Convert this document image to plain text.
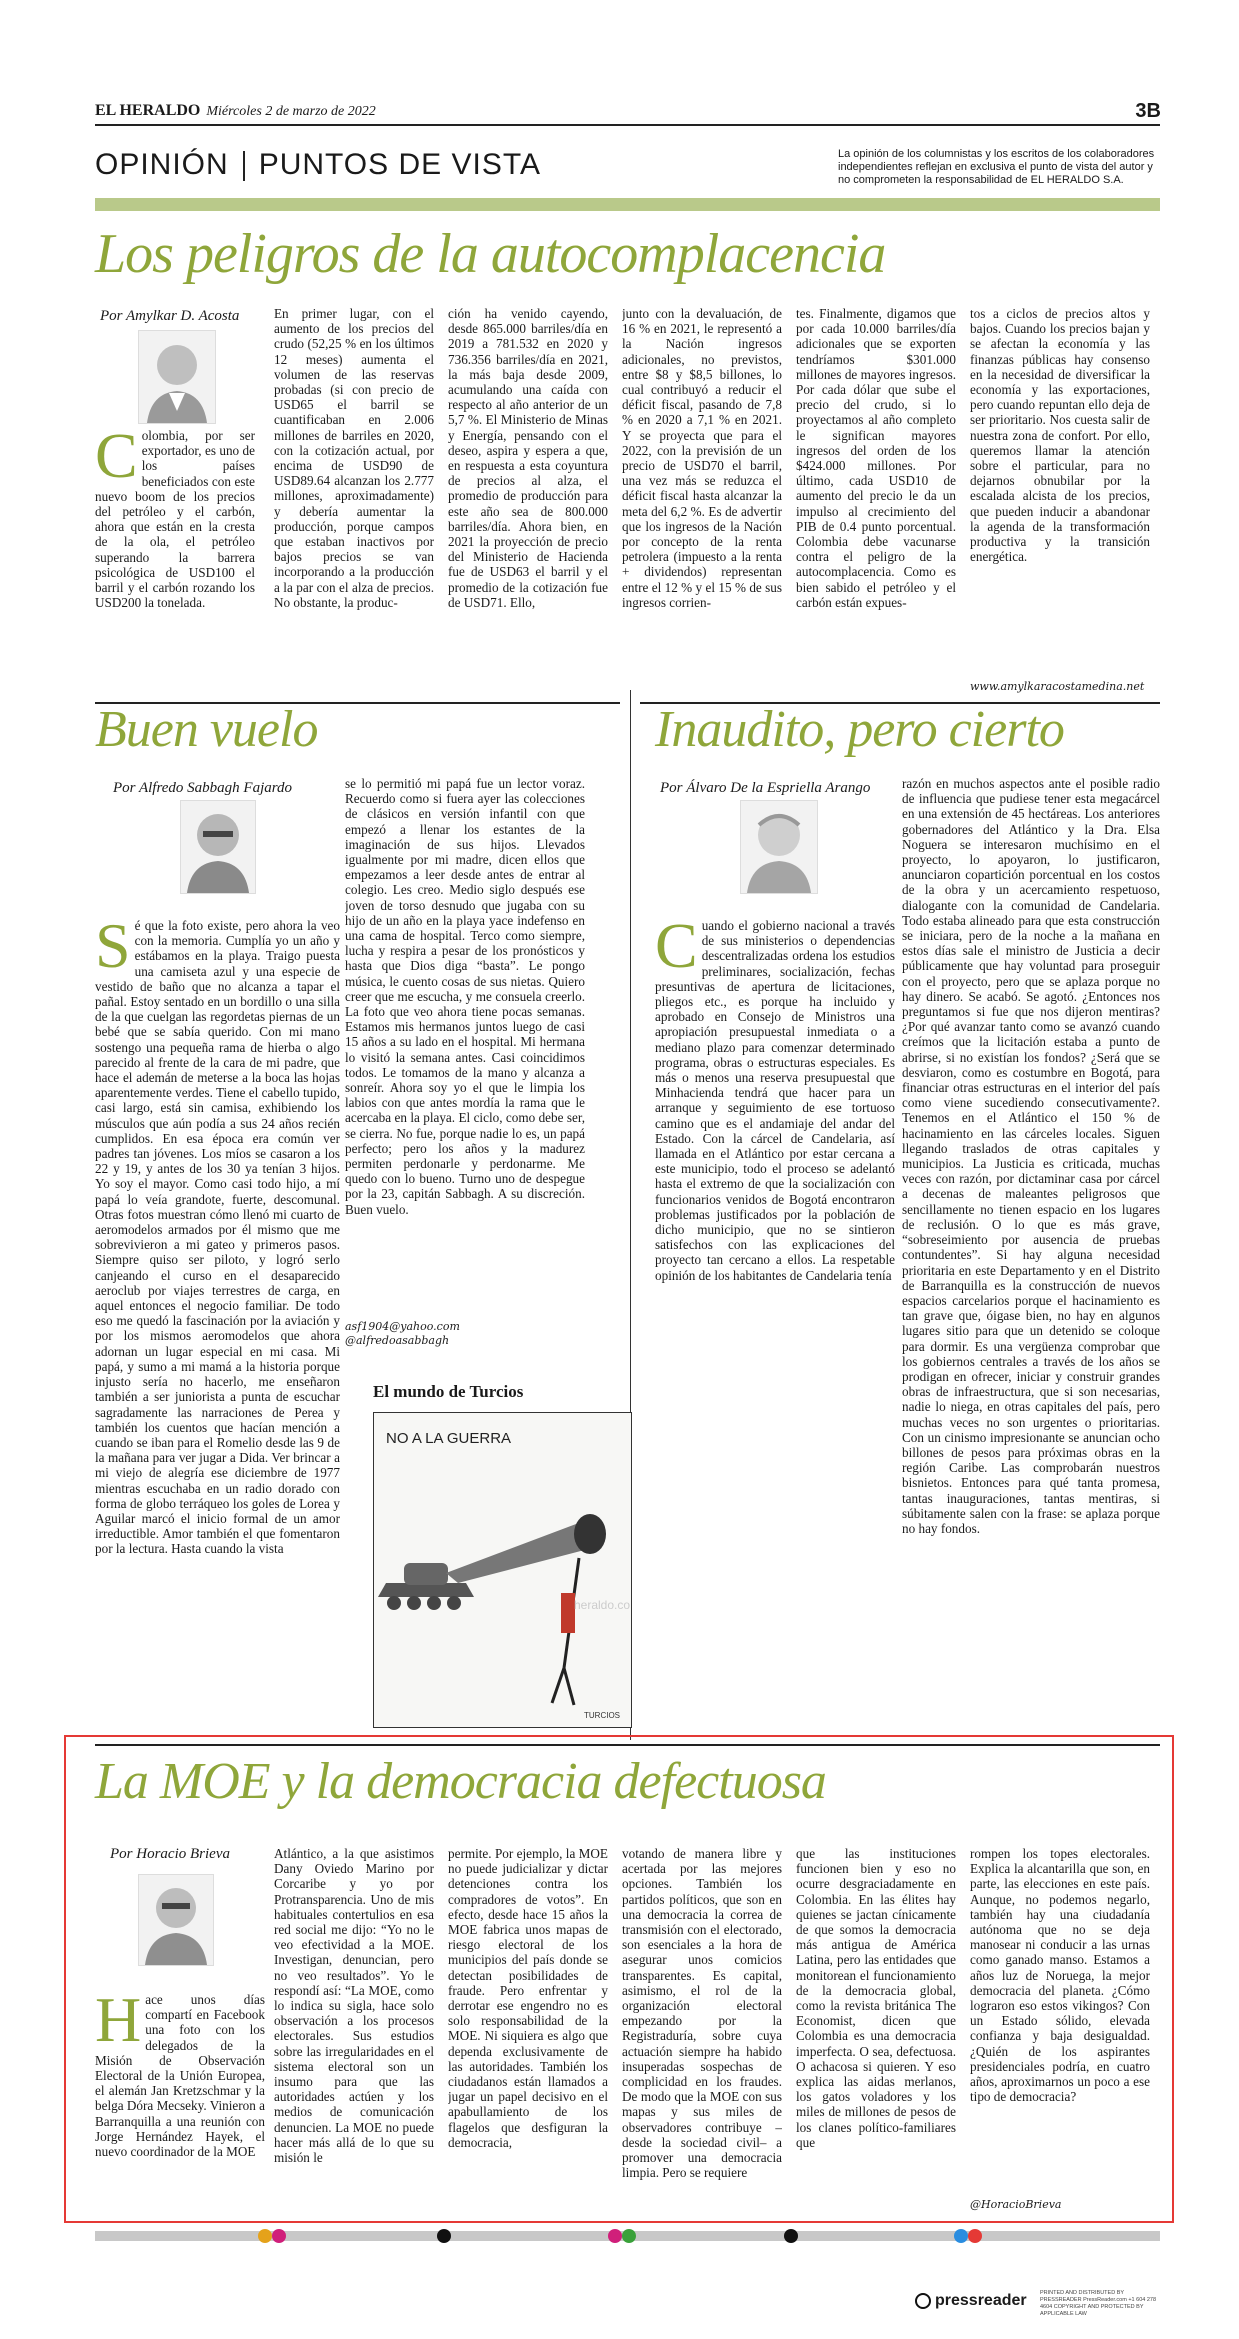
EL HERALDO Miércoles 2 de marzo de 2022	3B
OPINIÓN PUNTOS DE VISTA	La opinión de los columnistas y los escritos de los colaboradores independientes reflejan en exclusiva el punto de vista del autor y no comprometen la responsabilidad de EL HERALDO S.A.
Los peligros de la autocomplacencia
Por Amylkar D. Acosta
Colombia, por ser exportador, es uno de los países beneficiados con este nuevo boom de los precios del petróleo y el carbón, ahora que están en la cresta de la ola, el petróleo superando la barrera psicológica de USD100 el barril y el carbón rozando los USD200 la tonelada.
En primer lugar, con el aumento de los precios del crudo (52,25 % en los últimos 12 meses) aumenta el volumen de las reservas probadas (si con precio de USD65 el barril se cuantificaban en 2.006 millones de barriles en 2020, con la cotización actual, por encima de USD90 de USD89.64 alcanzan los 2.777 millones, aproximadamente) y debería aumentar la producción, porque campos que estaban inactivos por bajos precios se van incorporando a la producción a la par con el alza de precios. No obstante, la produc-
ción ha venido cayendo, desde 865.000 barriles/día en 2019 a 781.532 en 2020 y 736.356 barriles/día en 2021, la más baja desde 2009, acumulando una caída con respecto al año anterior de un 5,7 %. El Ministerio de Minas y Energía, pensando con el deseo, aspira y espera a que, en respuesta a esta coyuntura de precios al alza, el promedio de producción para este año sea de 800.000 barriles/día. Ahora bien, en 2021 la proyección de precio del Ministerio de Hacienda fue de USD63 el barril y el promedio de la cotización fue de USD71. Ello,
junto con la devaluación, de 16 % en 2021, le representó a la Nación ingresos adicionales, no previstos, entre $8 y $8,5 billones, lo cual contribuyó a reducir el déficit fiscal, pasando de 7,8 % en 2020 a 7,1 % en 2021. Y se proyecta que para el 2022, con la previsión de un precio de USD70 el barril, una vez más se reduzca el déficit fiscal hasta alcanzar la meta del 6,2 %. Es de advertir que los ingresos de la Nación por concepto de la renta petrolera (impuesto a la renta + dividendos) representan entre el 12 % y el 15 % de sus ingresos corrien-
tes. Finalmente, digamos que por cada 10.000 barriles/día adicionales que se exporten tendríamos $301.000 millones de mayores ingresos. Por cada dólar que sube el precio del crudo, si lo proyectamos al año completo le significan mayores ingresos del orden de los $424.000 millones. Por último, cada USD10 de aumento del precio le da un impulso al crecimiento del PIB de 0.4 punto porcentual. Colombia debe vacunarse contra el peligro de la autocomplacencia. Como es bien sabido el petróleo y el carbón están expues-
tos a ciclos de precios altos y bajos. Cuando los precios bajan y se afectan la economía y las finanzas públicas hay consenso en la necesidad de diversificar la economía y las exportaciones, pero cuando repuntan ello deja de ser prioritario. Nos cuesta salir de nuestra zona de confort. Por ello, queremos llamar la atención sobre el particular, para no dejarnos obnubilar por la escalada alcista de los precios, que pueden inducir a abandonar la agenda de la transformación productiva y la transición energética.
www.amylkaracostamedina.net
Buen vuelo
Por Alfredo Sabbagh Fajardo
Sé que la foto existe, pero ahora la veo con la memoria. Cumplía yo un año y estábamos en la playa. Traigo puesta una camiseta azul y una especie de vestido de baño que no alcanza a tapar el pañal. Estoy sentado en un bordillo o una silla de la que cuelgan las regordetas piernas de un bebé que se sabía querido. Con mi mano sostengo una pequeña rama de hierba o algo parecido al frente de la cara de mi padre, que hace el ademán de meterse a la boca las hojas aparentemente verdes. Tiene el cabello tupido, casi largo, está sin camisa, exhibiendo los músculos que aún podía a sus 24 años recién cumplidos. En esa época era común ver padres tan jóvenes. Los míos se casaron a los 22 y 19, y antes de los 30 ya tenían 3 hijos. Yo soy el mayor. Como casi todo hijo, a mí papá lo veía grandote, fuerte, descomunal. Otras fotos muestran cómo llenó mi cuarto de aeromodelos armados por él mismo que me sobrevivieron a mi gateo y primeros pasos. Siempre quiso ser piloto, y logró serlo canjeando el curso en el desaparecido aeroclub por viajes terrestres de carga, en aquel entonces el negocio familiar. De todo eso me quedó la fascinación por la aviación y por los mismos aeromodelos que ahora adornan un lugar especial en mi casa. Mi papá, y sumo a mi mamá a la historia porque injusto sería no hacerlo, me enseñaron también a ser juniorista a punta de escuchar sagradamente las narraciones de Perea y también los cuentos que hacían mención a cuando se iban para el Romelio desde las 9 de la mañana para ver jugar a Dida. Ver brincar a mi viejo de alegría ese diciembre de 1977 mientras escuchaba en un radio dorado con forma de globo terráqueo los goles de Lorea y Aguilar marcó el inicio formal de un amor irreductible. Amor también el que fomentaron por la lectura. Hasta cuando la vista
se lo permitió mi papá fue un lector voraz. Recuerdo como si fuera ayer las colecciones de clásicos en versión infantil con que empezó a llenar los estantes de la imaginación de sus hijos. Llevados igualmente por mi madre, dicen ellos que empezamos a leer desde antes de entrar al colegio. Les creo. Medio siglo después ese joven de torso desnudo que jugaba con su hijo de un año en la playa yace indefenso en una cama de hospital. Terco como siempre, lucha y respira a pesar de los pronósticos y hasta que Dios diga “basta”. Le pongo música, le cuento cosas de sus nietas. Quiero creer que me escucha, y me consuela creerlo. La foto que veo ahora tiene pocas semanas. Estamos mis hermanos juntos luego de casi 15 años a su lado en el hospital. Mi hermana lo visitó la semana antes. Casi coincidimos todos. Le tomamos de la mano y alcanza a sonreír. Ahora soy yo el que le limpia los labios con que antes mordía la rama que le acercaba en la playa. El ciclo, como debe ser, se cierra. No fue, porque nadie lo es, un papá perfecto; pero los años y la madurez permiten perdonarle y perdonarme. Me quedo con lo bueno. Turno uno de despegue por la 23, capitán Sabbagh. A su discreción. Buen vuelo.
asf1904@yahoo.com
@alfredoasabbagh
El mundo de Turcios
NO A LA GUERRA
heraldo.co
TURCIOS
Inaudito, pero cierto
Por Álvaro De la Espriella Arango
Cuando el gobierno nacional a través de sus ministerios o dependencias descentralizadas ordena los estudios preliminares, socialización, fechas presuntivas de apertura de licitaciones, pliegos etc., es porque ha incluido y aprobado en Consejo de Ministros una apropiación presupuestal inmediata o a mediano plazo para comenzar determinado programa, obras o estructuras especiales. Es más o menos una reserva presupuestal que Minhacienda tendrá que hacer para un arranque y seguimiento de ese tortuoso camino que es el andamiaje del andar del Estado. Con la cárcel de Candelaria, así llamada en el Atlántico por estar cercana a este municipio, todo el proceso se adelantó hasta el extremo de que la socialización con funcionarios venidos de Bogotá encontraron problemas justificados por la población de dicho municipio, que no se sintieron satisfechos con las explicaciones del proyecto tan cercano a ellos. La respetable opinión de los habitantes de Candelaria tenía
razón en muchos aspectos ante el posible radio de influencia que pudiese tener esta megacárcel en una extensión de 45 hectáreas. Los anteriores gobernadores del Atlántico y la Dra. Elsa Noguera se interesaron muchísimo en el proyecto, lo apoyaron, lo justificaron, anunciaron copartición porcentual en los costos de la obra y un acercamiento respetuoso, dialogante con la comunidad de Candelaria. Todo estaba alineado para que esta construcción se iniciara, pero de la noche a la mañana en estos días sale el ministro de Justicia a decir públicamente que hay voluntad para proseguir con el proyecto, pero que se aplaza porque no hay dinero. Se acabó. Se agotó. ¿Entonces nos preguntamos si fue que nos dijeron mentiras? ¿Por qué avanzar tanto como se avanzó cuando creímos que la licitación estaba a punto de abrirse, si no existían los fondos? ¿Será que se desviaron, como es costumbre en Bogotá, para financiar otras estructuras en el interior del país como viene sucediendo consecutivamente?. Tenemos en el Atlántico el 150 % de hacinamiento en las cárceles locales. Siguen llegando traslados de otras capitales y municipios. La Justicia es criticada, muchas veces con razón, por dictaminar casa por cárcel a decenas de maleantes peligrosos que sencillamente no tienen espacio en los lugares de reclusión. O lo que es más grave, “sobreseimiento por ausencia de pruebas contundentes”. Si hay alguna necesidad prioritaria en este Departamento y en el Distrito de Barranquilla es la construcción de nuevos espacios carcelarios porque el hacinamiento es tan grave que, óigase bien, no hay en algunos lugares sitio para que un detenido se coloque para dormir. Es una vergüenza comprobar que los gobiernos centrales a través de los años se prodigan en ofrecer, iniciar y construir grandes obras de infraestructura, que si son necesarias, nadie lo niega, en otras capitales del país, pero muchas veces no son urgentes o prioritarias. Con un cinismo impresionante se anuncian ocho billones de pesos para próximas obras en la región Caribe. Las comprobarán nuestros bisnietos. Entonces para qué tanta promesa, tantas inauguraciones, tantas mentiras, si súbitamente salen con la frase: se aplaza porque no hay fondos.
La MOE y la democracia defectuosa
Por Horacio Brieva
Hace unos días compartí en Facebook una foto con los delegados de la Misión de Observación Electoral de la Unión Europea, el alemán Jan Kretzschmar y la belga Dóra Mecseky. Vinieron a Barranquilla a una reunión con Jorge Hernández Hayek, el nuevo coordinador de la MOE
Atlántico, a la que asistimos Dany Oviedo Marino por Corcaribe y yo por Protransparencia. Uno de mis habituales contertulios en esa red social me dijo: “Yo no le veo efectividad a la MOE. Investigan, denuncian, pero no veo resultados”. Yo le respondí así: “La MOE, como lo indica su sigla, hace solo observación a los procesos electorales. Sus estudios sobre las irregularidades en el sistema electoral son un insumo para que las autoridades actúen y los medios de comunicación denuncien. La MOE no puede hacer más allá de lo que su misión le
permite. Por ejemplo, la MOE no puede judicializar y dictar detenciones contra los compradores de votos”. En efecto, desde hace 15 años la MOE fabrica unos mapas de riesgo electoral de los municipios del país donde se detectan posibilidades de fraude. Pero enfrentar y derrotar ese engendro no es solo responsabilidad de la MOE. Ni siquiera es algo que dependa exclusivamente de las autoridades. También los ciudadanos están llamados a jugar un papel decisivo en el apabullamiento de los flagelos que desfiguran la democracia,
votando de manera libre y acertada por las mejores opciones. También los partidos políticos, que son en una democracia la correa de transmisión con el electorado, son esenciales a la hora de asegurar unos comicios transparentes. Es capital, asimismo, el rol de la organización electoral empezando por la Registraduría, sobre cuya actuación siempre ha habido insuperadas sospechas de complicidad en los fraudes. De modo que la MOE con sus mapas y sus miles de observadores contribuye –desde la sociedad civil– a promover una democracia limpia. Pero se requiere
que las instituciones funcionen bien y eso no ocurre desgraciadamente en Colombia. En las élites hay quienes se jactan cínicamente de que somos la democracia más antigua de América Latina, pero las entidades que monitorean el funcionamiento de la democracia global, como la revista británica The Economist, dicen que Colombia es una democracia imperfecta. O sea, defectuosa. O achacosa si quieren. Y eso explica las aidas merlanos, los gatos voladores y los miles de millones de pesos de los clanes político-familiares que
rompen los topes electorales. Explica la alcantarilla que son, en parte, las elecciones en este país. Aunque, no podemos negarlo, también hay una ciudadanía autónoma que no se deja manosear ni conducir a las urnas como ganado manso. Estamos a años luz de Noruega, la mejor democracia del planeta. ¿Cómo lograron eso estos vikingos? Con un Estado sólido, elevada confianza y baja desigualdad. ¿Quién de los aspirantes presidenciales podría, en cuatro años, aproximarnos un poco a ese tipo de democracia?
@HoracioBrieva
pressreader PRINTED AND DISTRIBUTED BY PRESSREADER PressReader.com +1 604 278 4604 COPYRIGHT AND PROTECTED BY APPLICABLE LAW
